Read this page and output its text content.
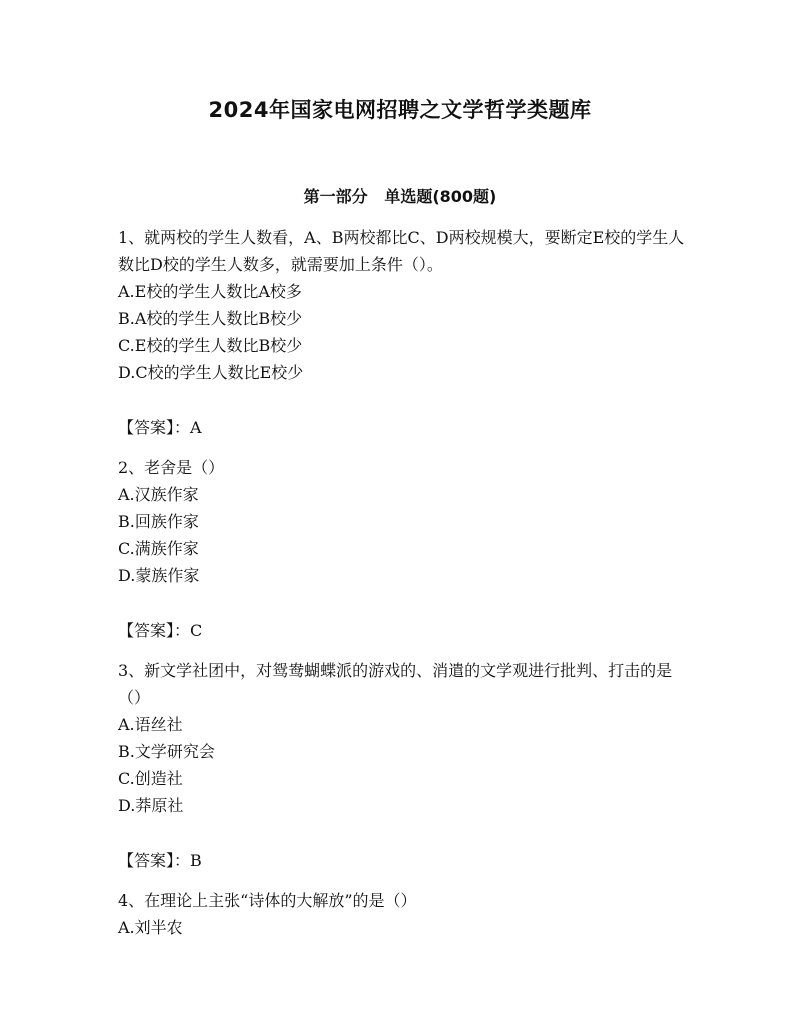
2024年国家电网招聘之文学哲学类题库
第一部分   单选题(800题)

1、就两校的学生人数看，A、B两校都比C、D两校规模大，要断定E校的学生人数比D校的学生人数多，就需要加上条件（）。

A.E校的学生人数比A校多

B.A校的学生人数比B校少

C.E校的学生人数比B校少

D.C校的学生人数比E校少

【答案】：A

2、老舍是（）

A.汉族作家

B.回族作家

C.满族作家

D.蒙族作家

【答案】：C

3、新文学社团中，对鸳鸯蝴蝶派的游戏的、消遣的文学观进行批判、打击的是（）

A.语丝社

B.文学研究会

C.创造社

D.莽原社

【答案】：B

4、在理论上主张“诗体的大解放”的是（）

A.刘半农
